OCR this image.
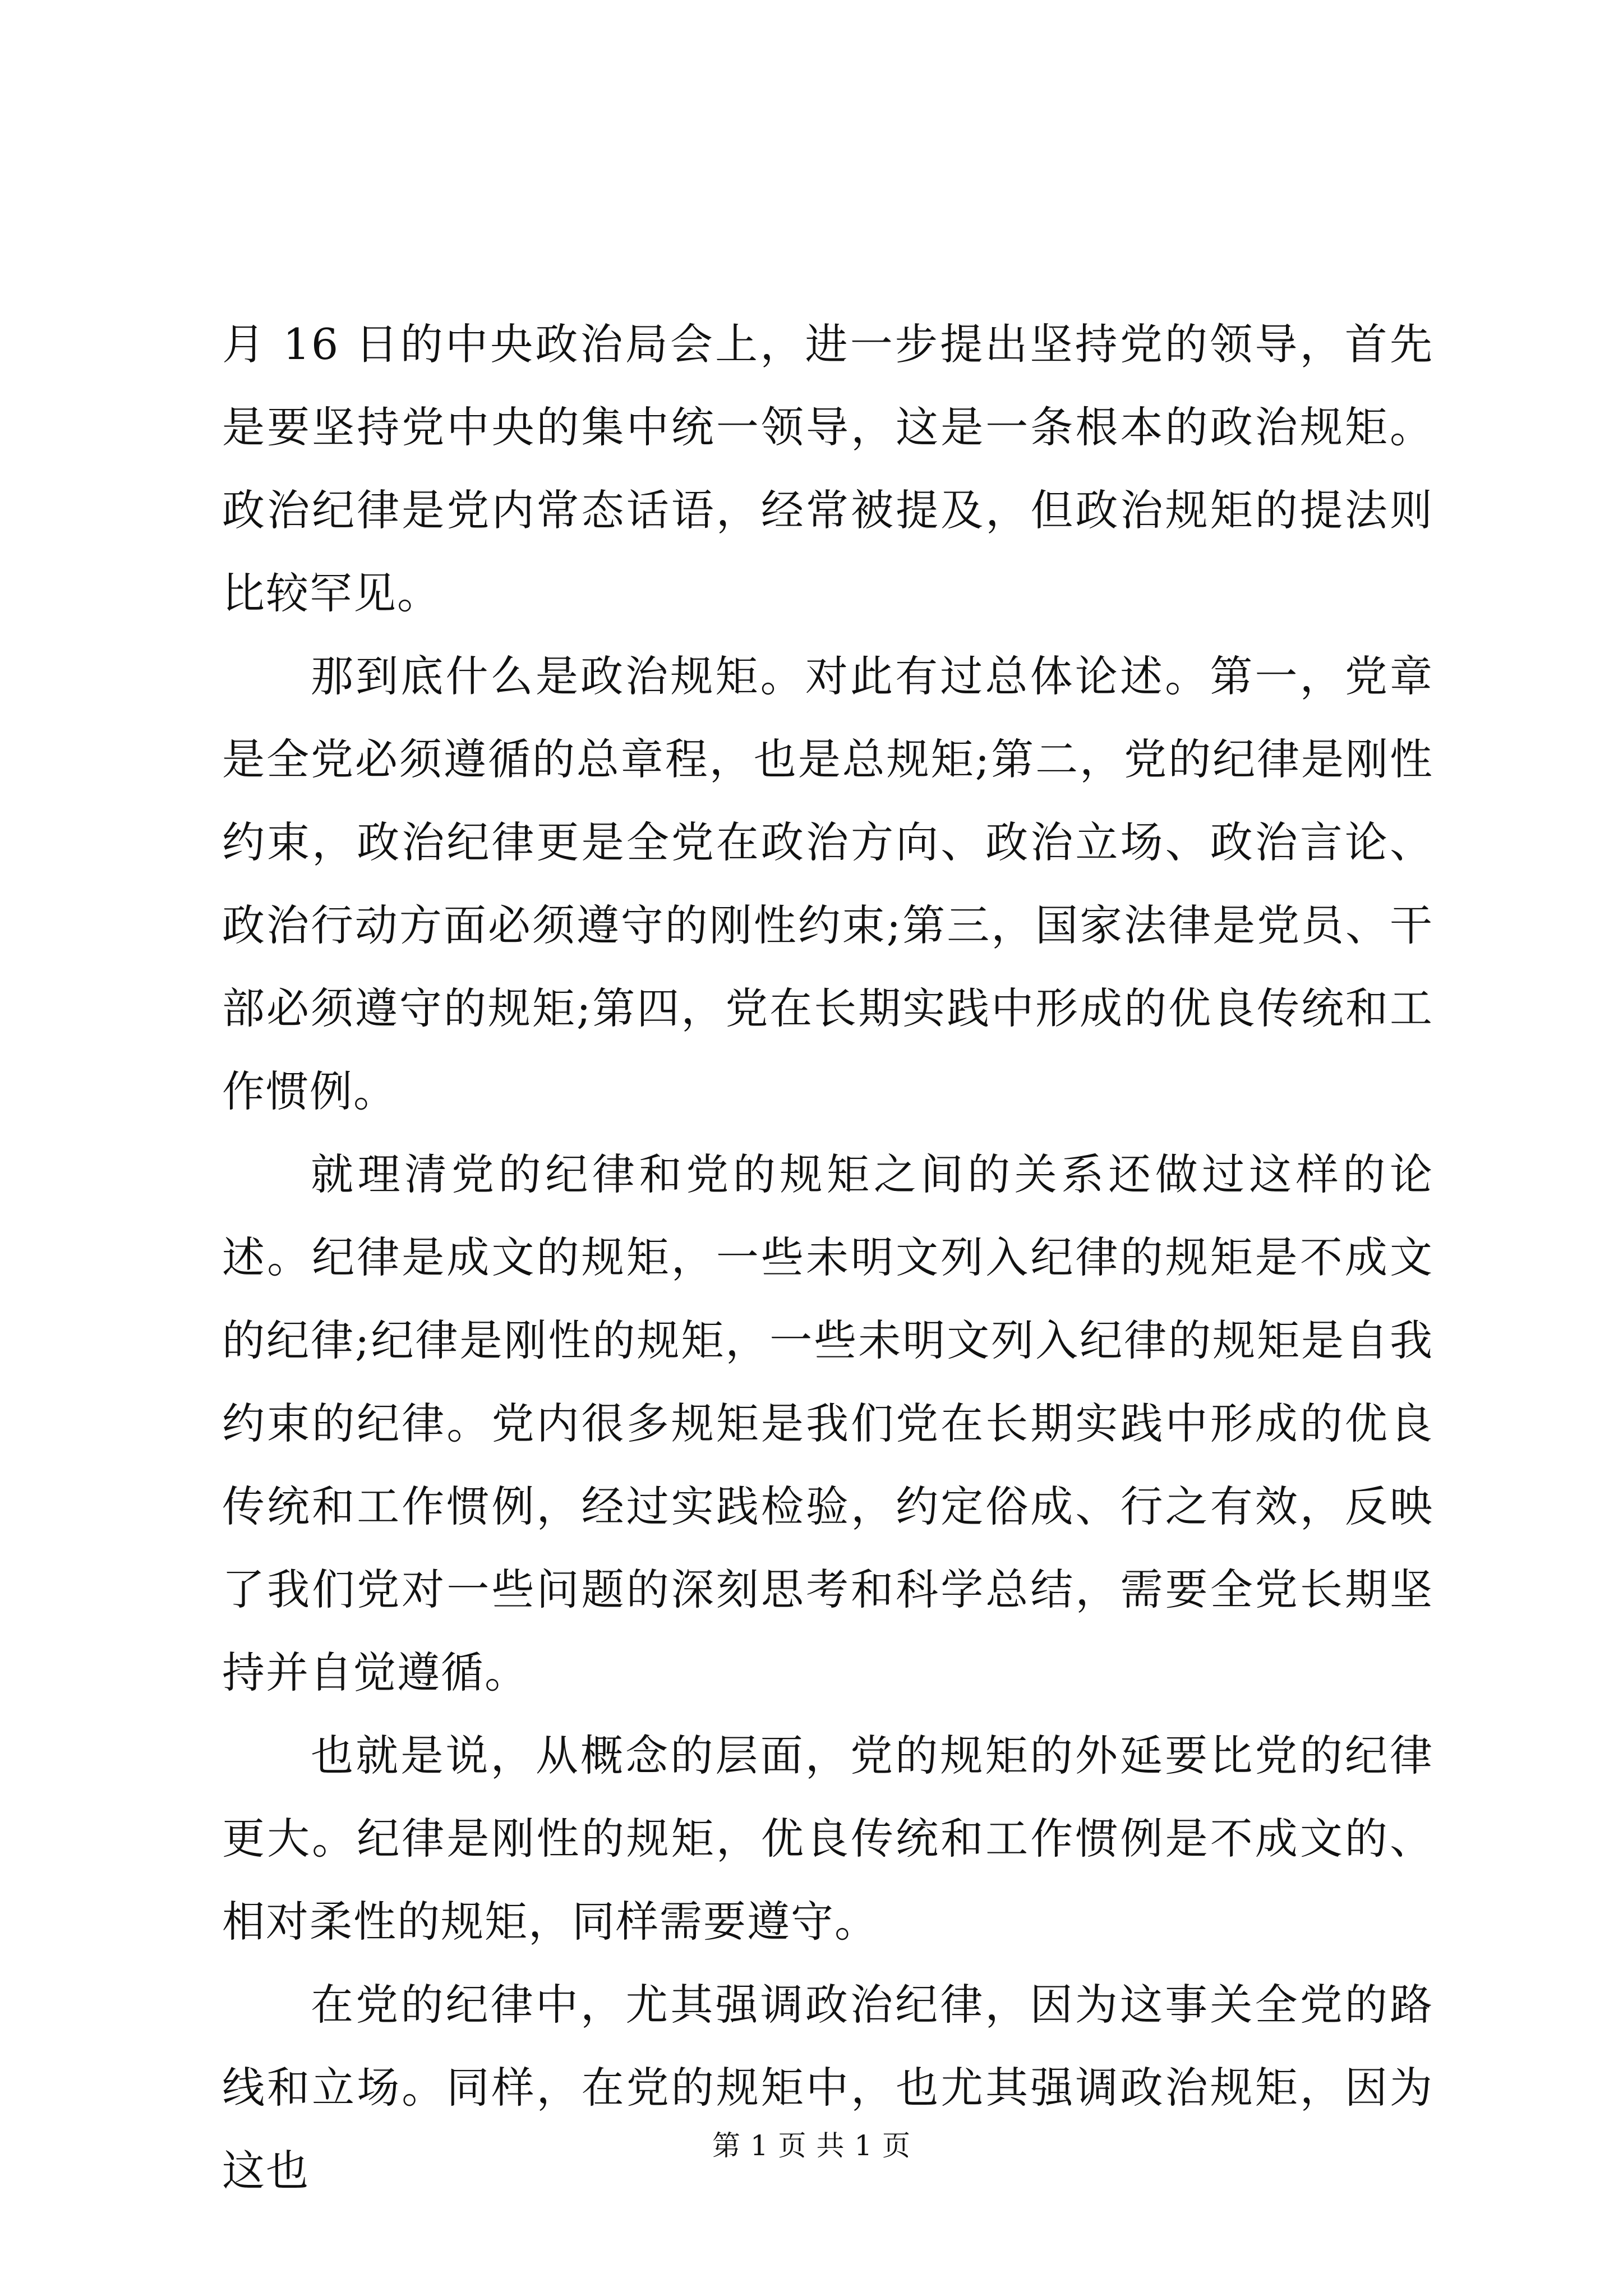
月 16 日的中央政治局会上，进一步提出坚持党的领导，首先是要坚持党中央的集中统一领导，这是一条根本的政治规矩。政治纪律是党内常态话语，经常被提及，但政治规矩的提法则比较罕见。

那到底什么是政治规矩。对此有过总体论述。第一，党章是全党必须遵循的总章程，也是总规矩;第二，党的纪律是刚性约束，政治纪律更是全党在政治方向、政治立场、政治言论、政治行动方面必须遵守的刚性约束;第三，国家法律是党员、干部必须遵守的规矩;第四，党在长期实践中形成的优良传统和工作惯例。

就理清党的纪律和党的规矩之间的关系还做过这样的论述。纪律是成文的规矩，一些未明文列入纪律的规矩是不成文的纪律;纪律是刚性的规矩，一些未明文列入纪律的规矩是自我约束的纪律。党内很多规矩是我们党在长期实践中形成的优良传统和工作惯例，经过实践检验，约定俗成、行之有效，反映了我们党对一些问题的深刻思考和科学总结，需要全党长期坚持并自觉遵循。

也就是说，从概念的层面，党的规矩的外延要比党的纪律更大。纪律是刚性的规矩，优良传统和工作惯例是不成文的、相对柔性的规矩，同样需要遵守。

在党的纪律中，尤其强调政治纪律，因为这事关全党的路线和立场。同样，在党的规矩中，也尤其强调政治规矩，因为这也	第 1 页 共 1 页
